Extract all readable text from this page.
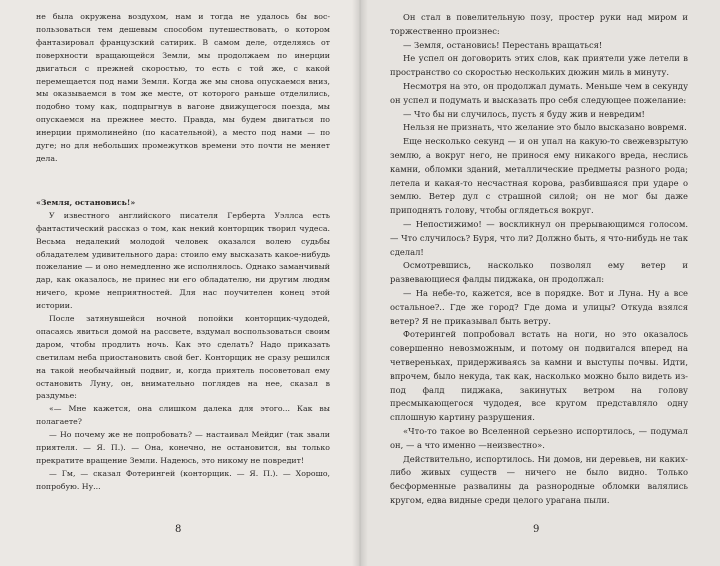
не была окружена воздухом, нам и тогда не удалось бы вос-пользоваться тем дешевым способом путешествовать, о котором фантазировал французский сатирик. В самом деле, отделяясь от поверхности вращающейся Земли, мы продолжаем по инерции двигаться с прежней скоростью, то есть с той же, с какой перемещается под нами Земля. Когда же мы снова опускаемся вниз, мы оказываемся в том же месте, от которого раньше отделились, подобно тому как, подпрыгнув в вагоне движущегося поезда, мы опускаемся на прежнее место. Правда, мы будем двигаться по инерции прямолинейно (по касательной), а место под нами — по дуге; но для небольших промежутков времени это почти не меняет дела.

«Земля, остановись!»

У известного английского писателя Герберта Уэллса есть фантастический рассказ о том, как некий конторщик творил чудеса. Весьма недалекий молодой человек оказался волею судьбы обладателем удивительного дара: стоило ему высказать какое-нибудь пожелание — и оно немедленно же исполнялось. Однако заманчивый дар, как оказалось, не принес ни его обладателю, ни другим людям ничего, кроме неприятностей. Для нас поучителен конец этой истории.

После затянувшейся ночной попойки конторщик-чудодей, опасаясь явиться домой на рассвете, вздумал воспользоваться своим даром, чтобы продлить ночь. Как это сделать? Надо приказать светилам неба приостановить свой бег. Конторщик не сразу решился на такой необычайный подвиг, и, когда приятель посоветовал ему остановить Луну, он, внимательно поглядев на нее, сказал в раздумье:

«— Мне кажется, она слишком далека для этого... Как вы полагаете?

— Но почему же не попробовать? — настаивал Мейдиг (так звали приятеля. — Я. П.). — Она, конечно, не остановится, вы только прекратите вращение Земли. Надеюсь, это никому не повредит!

— Гм, — сказал Фотерингей (конторщик. — Я. П.). — Хорошо, попробую. Ну...

8

Он стал в повелительную позу, простер руки над миром и торжественно произнес:

— Земля, остановись! Перестань вращаться!

Не успел он договорить этих слов, как приятели уже летели в пространство со скоростью нескольких дюжин миль в минуту.

Несмотря на это, он продолжал думать. Меньше чем в секунду он успел и подумать и высказать про себя следующее пожелание:

— Что бы ни случилось, пусть я буду жив и невредим!

Нельзя не признать, что желание это было высказано вовремя.

Еще несколько секунд — и он упал на какую-то свежевзрытую землю, а вокруг него, не принося ему никакого вреда, неслись камни, обломки зданий, металлические предметы разного рода; летела и какая-то несчастная корова, разбившаяся при ударе о землю. Ветер дул с страшной силой; он не мог бы даже приподнять голову, чтобы оглядеться вокруг.

— Непостижимо! — воскликнул он прерывающимся голосом. — Что случилось? Буря, что ли? Должно быть, я что-нибудь не так сделал!

Осмотревшись, насколько позволял ему ветер и развевающиеся фалды пиджака, он продолжал:

— На небе-то, кажется, все в порядке. Вот и Луна. Ну а все остальное?.. Где же город? Где дома и улицы? Откуда взялся ветер? Я не приказывал быть ветру.

Фотерингей попробовал встать на ноги, но это оказалось совершенно невозможным, и потому он подвигался вперед на четвереньках, придерживаясь за камни и выступы почвы. Идти, впрочем, было некуда, так как, насколько можно было видеть из-под фалд пиджака, закинутых ветром на голову пресмыкающегося чудодея, все кругом представляло одну сплошную картину разрушения.

«Что-то такое во Вселенной серьезно испортилось, — подумал он, — а что именно —неизвестно».

Действительно, испортилось. Ни домов, ни деревьев, ни каких-либо живых существ — ничего не было видно. Только бесформенные развалины да разнородные обломки валялись кругом, едва видные среди целого урагана пыли.

9
